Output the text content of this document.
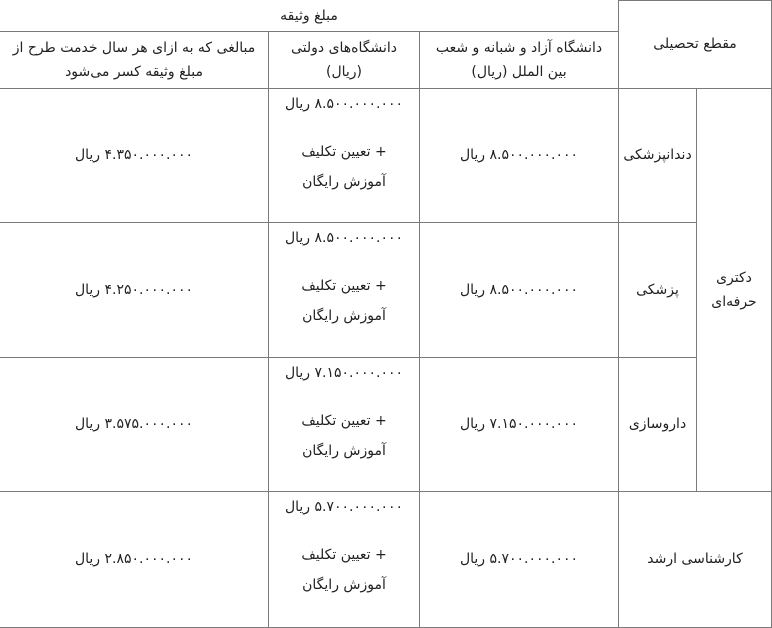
مبلغ وثیقه
مقطع تحصیلی
دانشگاه آزاد و شبانه و شعب
بین الملل (ریال)
دانشگاه‌های دولتی
(ریال)
مبالغی که به ازای هر سال خدمت طرح از
مبلغ وثیقه کسر می‌شود
دکتری
حرفه‌ای
دندانپزشکی
۸.۵۰۰.۰۰۰.۰۰۰ ریال
۸.۵۰۰.۰۰۰.۰۰۰ ریال
+ تعیین تکلیف
آموزش رایگان
۴.۳۵۰.۰۰۰.۰۰۰ ریال
پزشکی
۸.۵۰۰.۰۰۰.۰۰۰ ریال
۸.۵۰۰.۰۰۰.۰۰۰ ریال
+ تعیین تکلیف
آموزش رایگان
۴.۲۵۰.۰۰۰.۰۰۰ ریال
داروسازی
۷.۱۵۰.۰۰۰.۰۰۰ ریال
۷.۱۵۰.۰۰۰.۰۰۰ ریال
+ تعیین تکلیف
آموزش رایگان
۳.۵۷۵.۰۰۰.۰۰۰ ریال
کارشناسی ارشد
۵.۷۰۰.۰۰۰.۰۰۰ ریال
۵.۷۰۰.۰۰۰.۰۰۰ ریال
+ تعیین تکلیف
آموزش رایگان
۲.۸۵۰.۰۰۰.۰۰۰ ریال
